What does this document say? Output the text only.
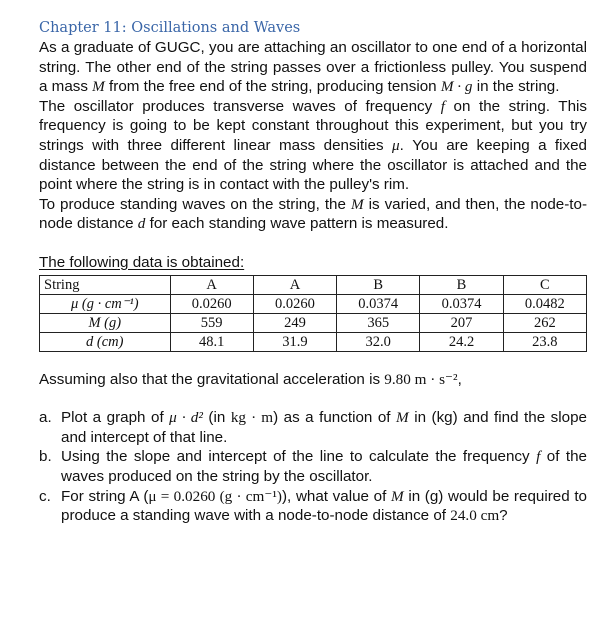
Chapter 11: Oscillations and Waves

As a graduate of GUGC, you are attaching an oscillator to one end of a horizontal string. The other end of the string passes over a frictionless pulley. You suspend a mass M from the free end of the string, producing tension M · g in the string.

The oscillator produces transverse waves of frequency f on the string. This frequency is going to be kept constant throughout this experiment, but you try strings with three different linear mass densities μ. You are keeping a fixed distance between the end of the string where the oscillator is attached and the point where the string is in contact with the pulley's rim.

To produce standing waves on the string, the M is varied, and then, the node-to-node distance d for each standing wave pattern is measured.

The following data is obtained:

String	A	A	B	B	C
μ (g · cm⁻¹)	0.0260	0.0260	0.0374	0.0374	0.0482
M (g)	559	249	365	207	262
d (cm)	48.1	31.9	32.0	24.2	23.8

Assuming also that the gravitational acceleration is 9.80 m · s⁻²,

a. Plot a graph of μ · d² (in kg · m) as a function of M in (kg) and find the slope and intercept of that line.
b. Using the slope and intercept of the line to calculate the frequency f of the waves produced on the string by the oscillator.
c. For string A (μ = 0.0260 (g · cm⁻¹)), what value of M in (g) would be required to produce a standing wave with a node-to-node distance of 24.0 cm?
